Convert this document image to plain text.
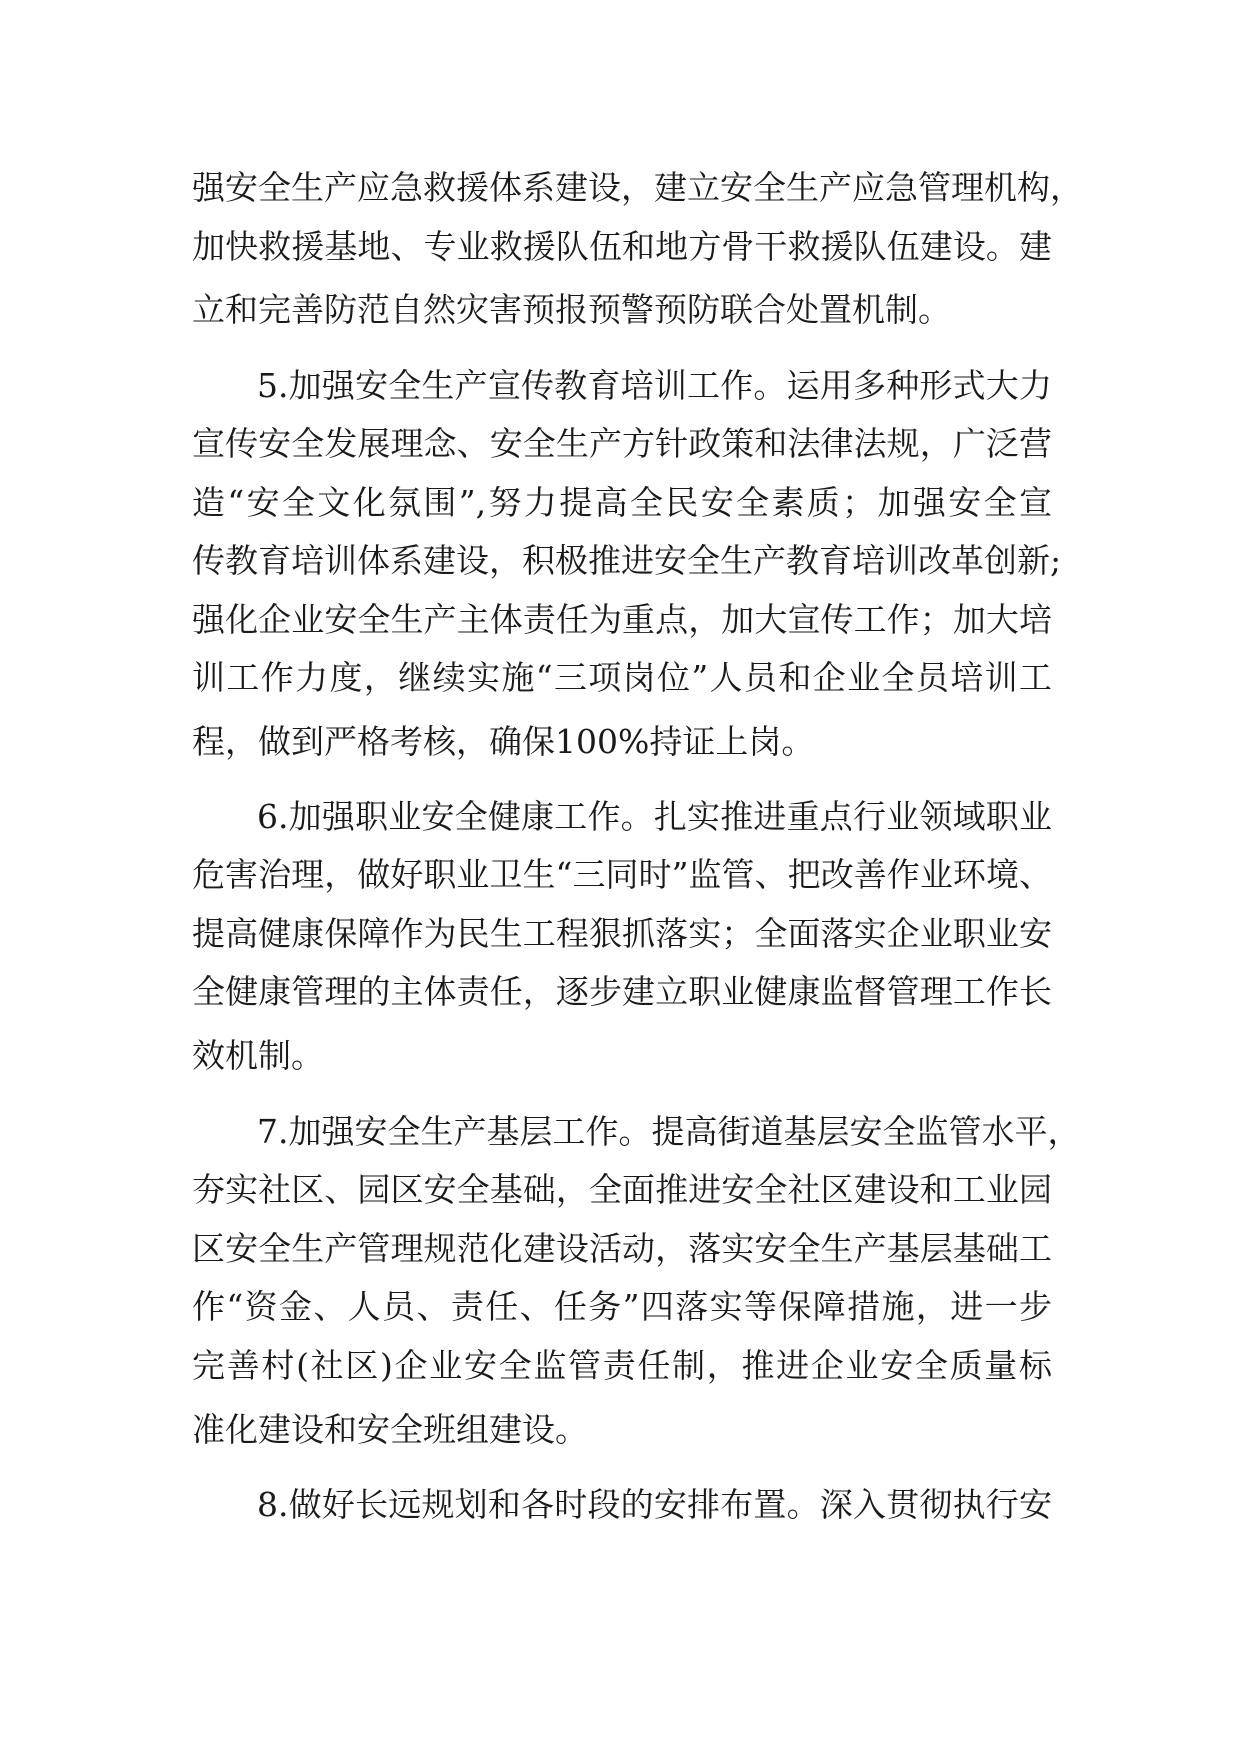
强安全生产应急救援体系建设，建立安全生产应急管理机构，
加快救援基地、专业救援队伍和地方骨干救援队伍建设。建
立和完善防范自然灾害预报预警预防联合处置机制。
5.加强安全生产宣传教育培训工作。运用多种形式大力
宣传安全发展理念、安全生产方针政策和法律法规，广泛营
造“安全文化氛围”,努力提高全民安全素质；加强安全宣
传教育培训体系建设，积极推进安全生产教育培训改革创新;
强化企业安全生产主体责任为重点，加大宣传工作；加大培
训工作力度，继续实施“三项岗位”人员和企业全员培训工
程，做到严格考核，确保100%持证上岗。
6.加强职业安全健康工作。扎实推进重点行业领域职业
危害治理，做好职业卫生“三同时”监管、把改善作业环境、
提高健康保障作为民生工程狠抓落实；全面落实企业职业安
全健康管理的主体责任，逐步建立职业健康监督管理工作长
效机制。
7.加强安全生产基层工作。提高街道基层安全监管水平，
夯实社区、园区安全基础，全面推进安全社区建设和工业园
区安全生产管理规范化建设活动，落实安全生产基层基础工
作“资金、人员、责任、任务”四落实等保障措施，进一步
完善村(社区)企业安全监管责任制，推进企业安全质量标
准化建设和安全班组建设。
8.做好长远规划和各时段的安排布置。深入贯彻执行安
